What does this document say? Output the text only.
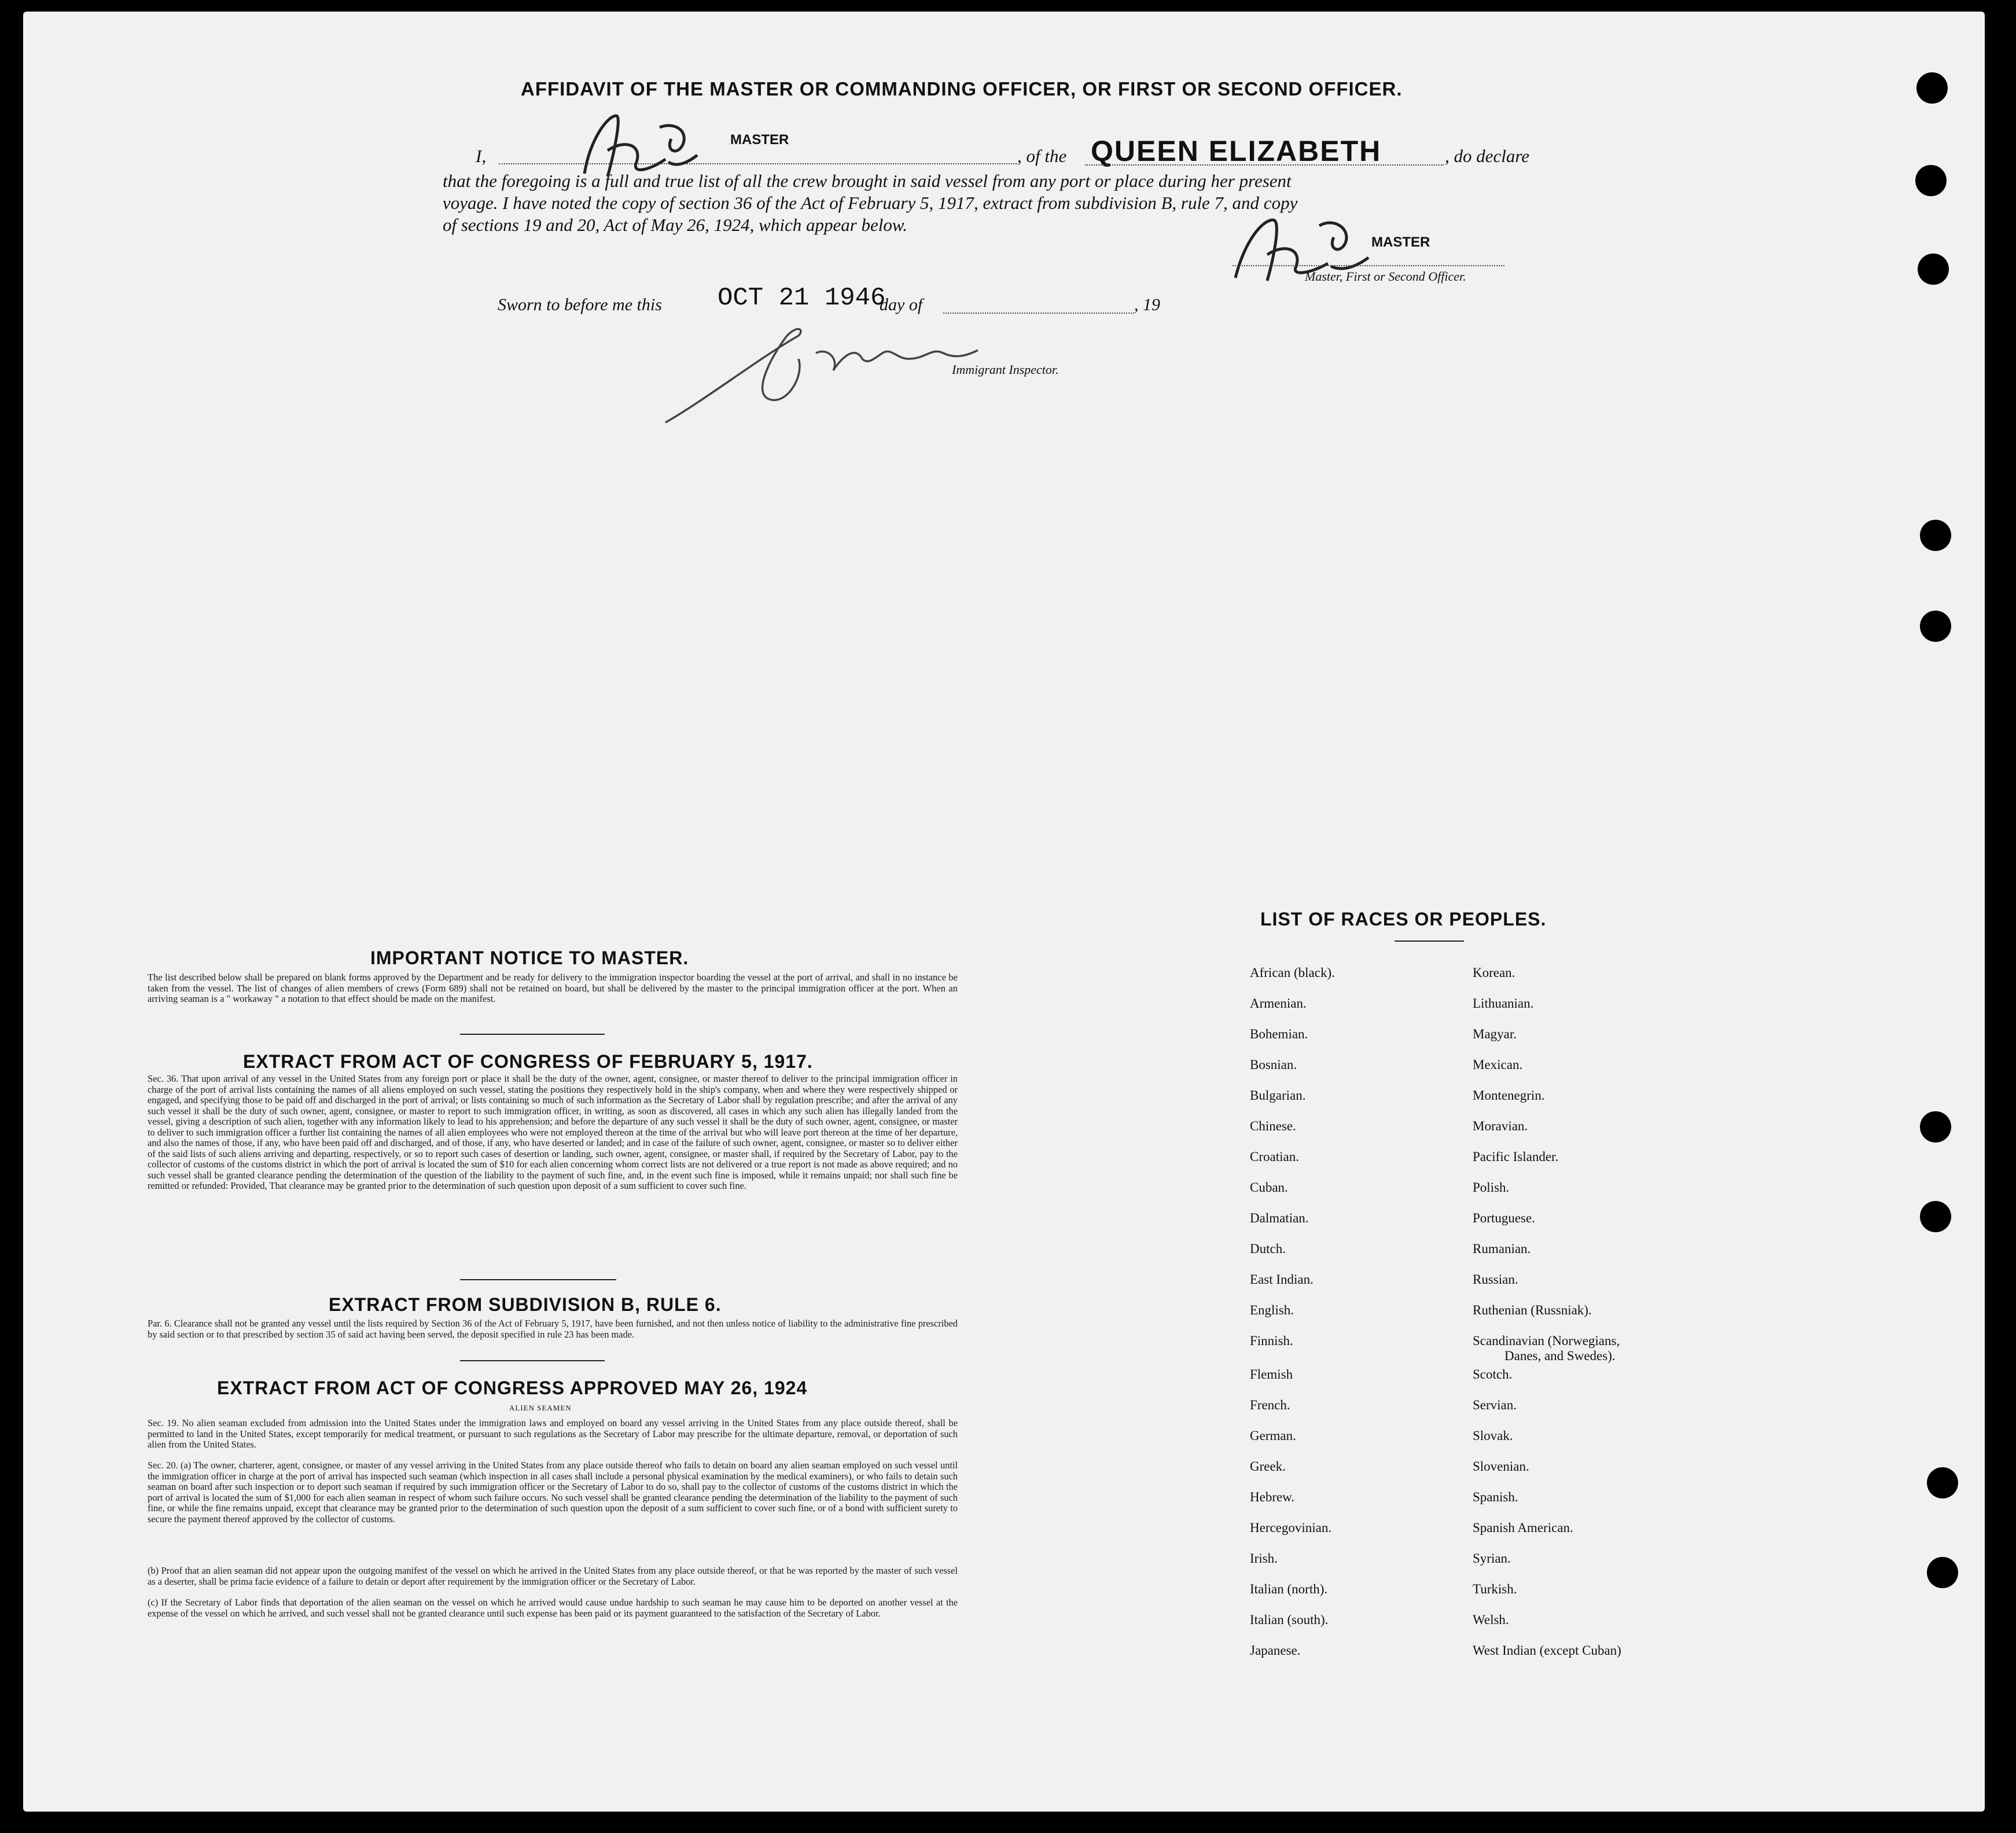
AFFIDAVIT OF THE MASTER OR COMMANDING OFFICER, OR FIRST OR SECOND OFFICER.
I,
MASTER
, of the QUEEN ELIZABETH	, do declare
that the foregoing is a full and true list of all the crew brought in said vessel from any port or place during her present
voyage. I have noted the copy of section 36 of the Act of February 5, 1917, extract from subdivision B, rule 7, and copy
of sections 19 and 20, Act of May 26, 1924, which appear below.
MASTER
Master, First or Second Officer.
Sworn to before me this OCT 21 1946
day of	, 19
Immigrant Inspector.
IMPORTANT NOTICE TO MASTER.
The list described below shall be prepared on blank forms approved by the Department and be ready for delivery to the immigration inspector boarding the vessel at the port of arrival, and shall in no instance be taken from the vessel. The list of changes of alien members of crews (Form 689) shall not be retained on board, but shall be delivered by the master to the principal immigration officer at the port. When an arriving seaman is a " workaway " a notation to that effect should be made on the manifest.
EXTRACT FROM ACT OF CONGRESS OF FEBRUARY 5, 1917.
Sec. 36. That upon arrival of any vessel in the United States from any foreign port or place it shall be the duty of the owner, agent, consignee, or master thereof to deliver to the principal immigration officer in charge of the port of arrival lists containing the names of all aliens employed on such vessel, stating the positions they respectively hold in the ship's company, when and where they were respectively shipped or engaged, and specifying those to be paid off and discharged in the port of arrival; or lists containing so much of such information as the Secretary of Labor shall by regulation prescribe; and after the arrival of any such vessel it shall be the duty of such owner, agent, consignee, or master to report to such immigration officer, in writing, as soon as discovered, all cases in which any such alien has illegally landed from the vessel, giving a description of such alien, together with any information likely to lead to his apprehension; and before the departure of any such vessel it shall be the duty of such owner, agent, consignee, or master to deliver to such immigration officer a further list containing the names of all alien employees who were not employed thereon at the time of the arrival but who will leave port thereon at the time of her departure, and also the names of those, if any, who have been paid off and discharged, and of those, if any, who have deserted or landed; and in case of the failure of such owner, agent, consignee, or master so to deliver either of the said lists of such aliens arriving and departing, respectively, or so to report such cases of desertion or landing, such owner, agent, consignee, or master shall, if required by the Secretary of Labor, pay to the collector of customs of the customs district in which the port of arrival is located the sum of $10 for each alien concerning whom correct lists are not delivered or a true report is not made as above required; and no such vessel shall be granted clearance pending the determination of the question of the liability to the payment of such fine, and, in the event such fine is imposed, while it remains unpaid; nor shall such fine be remitted or refunded: Provided, That clearance may be granted prior to the determination of such question upon deposit of a sum sufficient to cover such fine.
EXTRACT FROM SUBDIVISION B, RULE 6.
Par. 6. Clearance shall not be granted any vessel until the lists required by Section 36 of the Act of February 5, 1917, have been furnished, and not then unless notice of liability to the administrative fine prescribed by said section or to that prescribed by section 35 of said act having been served, the deposit specified in rule 23 has been made.
EXTRACT FROM ACT OF CONGRESS APPROVED MAY 26, 1924
ALIEN SEAMEN
Sec. 19. No alien seaman excluded from admission into the United States under the immigration laws and employed on board any vessel arriving in the United States from any place outside thereof, shall be permitted to land in the United States, except temporarily for medical treatment, or pursuant to such regulations as the Secretary of Labor may prescribe for the ultimate departure, removal, or deportation of such alien from the United States.
Sec. 20. (a) The owner, charterer, agent, consignee, or master of any vessel arriving in the United States from any place outside thereof who fails to detain on board any alien seaman employed on such vessel until the immigration officer in charge at the port of arrival has inspected such seaman (which inspection in all cases shall include a personal physical examination by the medical examiners), or who fails to detain such seaman on board after such inspection or to deport such seaman if required by such immigration officer or the Secretary of Labor to do so, shall pay to the collector of customs of the customs district in which the port of arrival is located the sum of $1,000 for each alien seaman in respect of whom such failure occurs. No such vessel shall be granted clearance pending the determination of the liability to the payment of such fine, or while the fine remains unpaid, except that clearance may be granted prior to the determination of such question upon the deposit of a sum sufficient to cover such fine, or of a bond with sufficient surety to secure the payment thereof approved by the collector of customs.
(b) Proof that an alien seaman did not appear upon the outgoing manifest of the vessel on which he arrived in the United States from any place outside thereof, or that he was reported by the master of such vessel as a deserter, shall be prima facie evidence of a failure to detain or deport after requirement by the immigration officer or the Secretary of Labor.
(c) If the Secretary of Labor finds that deportation of the alien seaman on the vessel on which he arrived would cause undue hardship to such seaman he may cause him to be deported on another vessel at the expense of the vessel on which he arrived, and such vessel shall not be granted clearance until such expense has been paid or its payment guaranteed to the satisfaction of the Secretary of Labor.
LIST OF RACES OR PEOPLES.
African (black).
Armenian.
Bohemian.
Bosnian.
Bulgarian.
Chinese.
Croatian.
Cuban.
Dalmatian.
Dutch.
East Indian.
English.
Finnish.
Flemish
French.
German.
Greek.
Hebrew.
Hercegovinian.
Irish.
Italian (north).
Italian (south).
Japanese.
Korean.
Lithuanian.
Magyar.
Mexican.
Montenegrin.
Moravian.
Pacific Islander.
Polish.
Portuguese.
Rumanian.
Russian.
Ruthenian (Russniak).
Scandinavian (Norwegians,
Danes, and Swedes).
Scotch.
Servian.
Slovak.
Slovenian.
Spanish.
Spanish American.
Syrian.
Turkish.
Welsh.
West Indian (except Cuban)
